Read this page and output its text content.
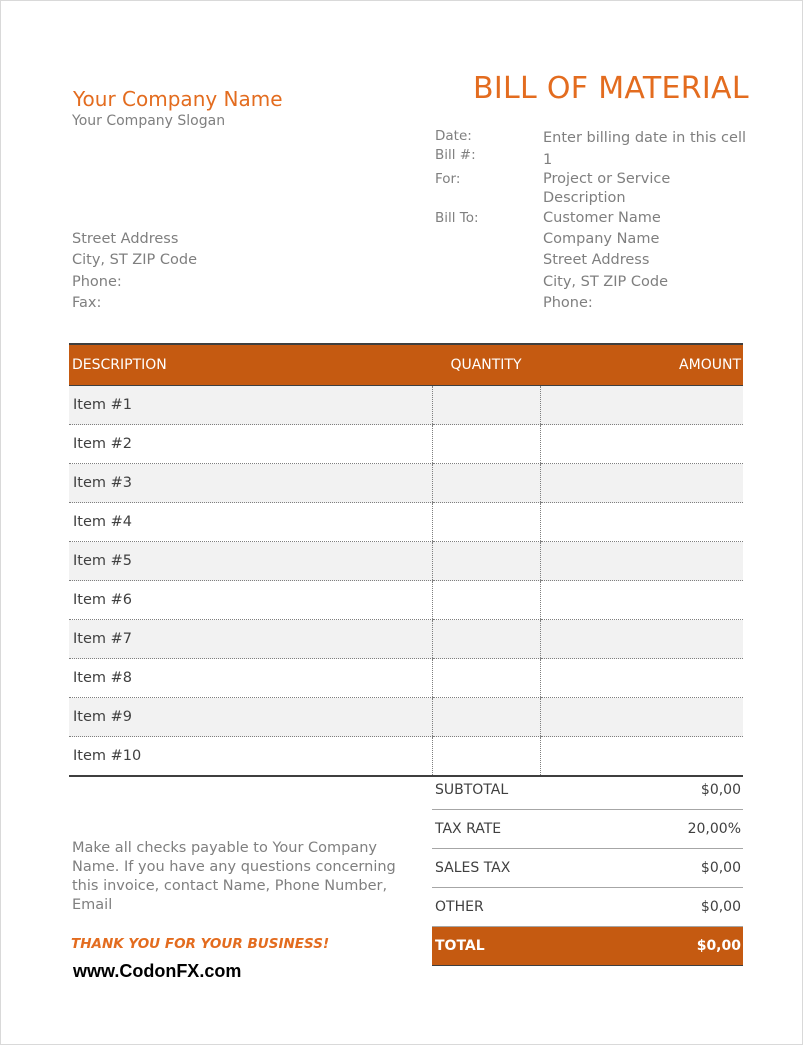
Your Company Name
Your Company Slogan
BILL OF MATERIAL
Date:	Enter billing date in this cell
Bill #:	1
For:	Project or Service
Description
Bill To:	Customer Name
Company Name
Street Address
City, ST ZIP Code
Phone:
Street Address
City, ST ZIP Code
Phone:
Fax:
DESCRIPTION	QUANTITY	AMOUNT
Item #1		
Item #2		
Item #3		
Item #4		
Item #5		
Item #6		
Item #7		
Item #8		
Item #9		
Item #10		
SUBTOTAL	$0,00
TAX RATE	20,00%
SALES TAX	$0,00
OTHER	$0,00
TOTAL	$0,00
Make all checks payable to Your Company Name. If you have any questions concerning this invoice, contact Name, Phone Number, Email
THANK YOU FOR YOUR BUSINESS!
www.CodonFX.com
